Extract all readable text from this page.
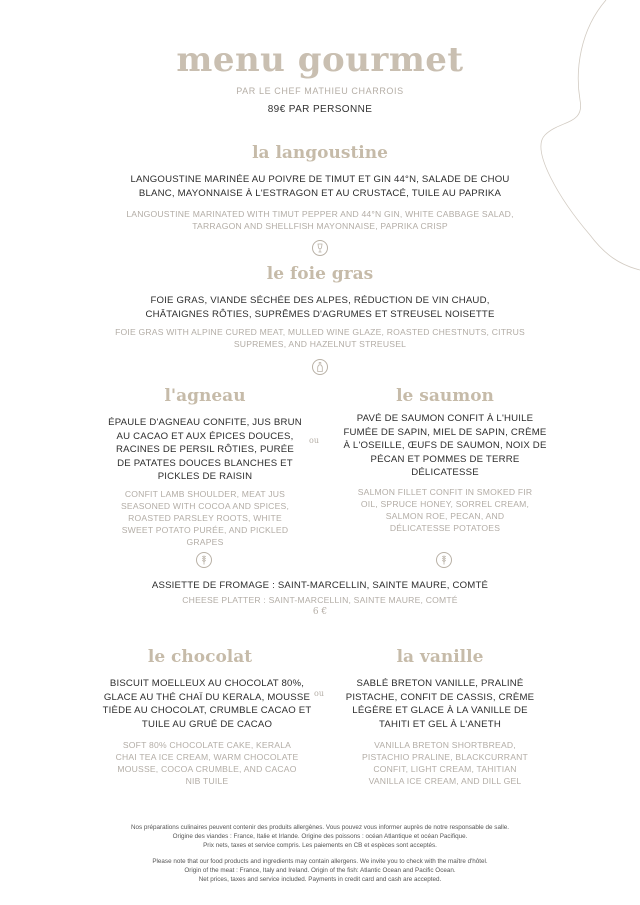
menu gourmet
PAR LE CHEF MATHIEU CHARROIS
89€ PAR PERSONNE
la langoustine
LANGOUSTINE MARINÉE AU POIVRE DE TIMUT ET GIN 44°N, SALADE DE CHOU BLANC, MAYONNAISE À L'ESTRAGON ET AU CRUSTACÉ, TUILE AU PAPRIKA
LANGOUSTINE MARINATED WITH TIMUT PEPPER AND 44°N GIN, WHITE CABBAGE SALAD, TARRAGON AND SHELLFISH MAYONNAISE, PAPRIKA CRISP
le foie gras
FOIE GRAS, VIANDE SÉCHÉE DES ALPES, RÉDUCTION DE VIN CHAUD, CHÂTAIGNES RÔTIES, SUPRÊMES D'AGRUMES ET STREUSEL NOISETTE
FOIE GRAS WITH ALPINE CURED MEAT, MULLED WINE GLAZE, ROASTED CHESTNUTS, CITRUS SUPREMES, AND HAZELNUT STREUSEL
l'agneau	le saumon
ÉPAULE D'AGNEAU CONFITE, JUS BRUN AU CACAO ET AUX ÉPICES DOUCES, RACINES DE PERSIL RÔTIES, PURÉE DE PATATES DOUCES BLANCHES ET PICKLES DE RAISIN
ou
PAVÉ DE SAUMON CONFIT À L'HUILE FUMÉE DE SAPIN, MIEL DE SAPIN, CRÈME À L'OSEILLE, ŒUFS DE SAUMON, NOIX DE PÉCAN ET POMMES DE TERRE DÉLICATESSE
CONFIT LAMB SHOULDER, MEAT JUS SEASONED WITH COCOA AND SPICES, ROASTED PARSLEY ROOTS, WHITE SWEET POTATO PURÉE, AND PICKLED GRAPES
SALMON FILLET CONFIT IN SMOKED FIR OIL, SPRUCE HONEY, SORREL CREAM, SALMON ROE, PECAN, AND DÉLICATESSE POTATOES
ASSIETTE DE FROMAGE : SAINT-MARCELLIN, SAINTE MAURE, COMTÉ
CHEESE PLATTER : SAINT-MARCELLIN, SAINTE MAURE, COMTÉ
6 €
le chocolat	la vanille
BISCUIT MOELLEUX AU CHOCOLAT 80%, GLACE AU THÉ CHAÏ DU KERALA, MOUSSE TIÈDE AU CHOCOLAT, CRUMBLE CACAO ET TUILE AU GRUÉ DE CACAO
ou
SABLÉ BRETON VANILLE, PRALINÉ PISTACHE, CONFIT DE CASSIS, CRÈME LÉGÈRE ET GLACE À LA VANILLE DE TAHITI ET GEL À L'ANETH
SOFT 80% CHOCOLATE CAKE, KERALA CHAI TEA ICE CREAM, WARM CHOCOLATE MOUSSE, COCOA CRUMBLE, AND CACAO NIB TUILE
VANILLA BRETON SHORTBREAD, PISTACHIO PRALINE, BLACKCURRANT CONFIT, LIGHT CREAM, TAHITIAN VANILLA ICE CREAM, AND DILL GEL
Nos préparations culinaires peuvent contenir des produits allergènes. Vous pouvez vous informer auprès de notre responsable de salle.
Origine des viandes : France, Italie et Irlande. Origine des poissons : océan Atlantique et océan Pacifique.
Prix nets, taxes et service compris. Les paiements en CB et espèces sont acceptés.
Please note that our food products and ingredients may contain allergens. We invite you to check with the maître d'hôtel.
Origin of the meat : France, Italy and Ireland. Origin of the fish: Atlantic Ocean and Pacific Ocean.
Net prices, taxes and service included. Payments in credit card and cash are accepted.
